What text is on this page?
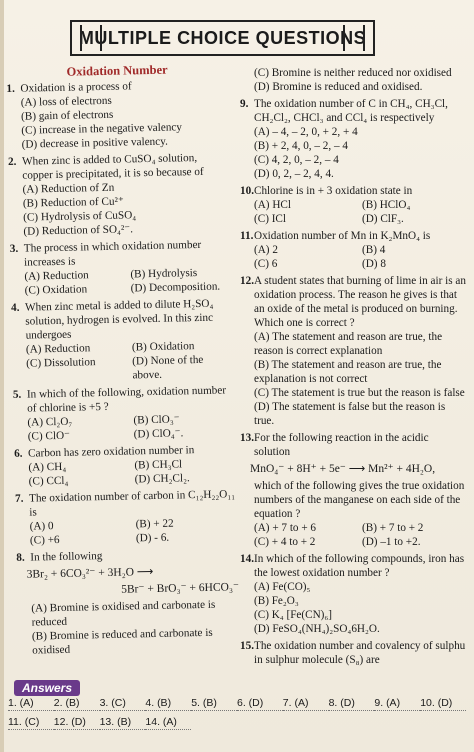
MULTIPLE CHOICE QUESTIONS
Oxidation Number
1. Oxidation is a process of
(A) loss of electrons
(B) gain of electrons
(C) increase in the negative valency
(D) decrease in positive valency.
2. When zinc is added to CuSO₄ solution, copper is precipitated, it is so because of
(A) Reduction of Zn
(B) Reduction of Cu²⁺
(C) Hydrolysis of CuSO₄
(D) Reduction of SO₄²⁻.
3. The process in which oxidation number increases is
(A) Reduction	(B) Hydrolysis
(C) Oxidation	(D) Decomposition.
4. When zinc metal is added to dilute H₂SO₄ solution, hydrogen is evolved. In this zinc undergoes
(A) Reduction	(B) Oxidation
(C) Dissolution	(D) None of the above.
5. In which of the following, oxidation number of chlorine is +5 ?
(A) Cl₂O₇	(B) ClO₃⁻
(C) ClO⁻	(D) ClO₄⁻.
6. Carbon has zero oxidation number in
(A) CH₄	(B) CH₃Cl
(C) CCl₄	(D) CH₂Cl₂.
7. The oxidation number of carbon in C₁₂H₂₂O₁₁ is
(A) 0	(B) + 22
(C) +6	(D) - 6.
8. In the following
3Br₂ + 6CO₃²⁻ + 3H₂O ⟶
5Br⁻ + BrO₃⁻ + 6HCO₃⁻
(A) Bromine is oxidised and carbonate is reduced
(B) Bromine is reduced and carbonate is oxidised
(C) Bromine is neither reduced nor oxidised
(D) Bromine is reduced and oxidised.
9. The oxidation number of C in CH₄, CH₃Cl, CH₂Cl₂, CHCl₃ and CCl₄ is respectively
(A) – 4, – 2, 0, + 2, + 4
(B) + 2, 4, 0, – 2, – 4
(C) 4, 2, 0, – 2, – 4
(D) 0, 2, – 2, 4, 4.
10. Chlorine is in + 3 oxidation state in
(A) HCl	(B) HClO₄
(C) ICl	(D) ClF₃.
11. Oxidation number of Mn in K₂MnO₄ is
(A) 2	(B) 4
(C) 6	(D) 8
12. A student states that burning of lime in air is an oxidation process. The reason he gives is that an oxide of the metal is produced on burning. Which one is correct ?
(A) The statement and reason are true, the reason is correct explanation
(B) The statement and reason are true, the explanation is not correct
(C) The statement is true but the reason is false
(D) The statement is false but the reason is true.
13. For the following reaction in the acidic solution
MnO₄⁻ + 8H⁺ + 5e⁻ ⟶ Mn²⁺ + 4H₂O,
which of the following gives the true oxidation numbers of the manganese on each side of the equation ?
(A) + 7 to + 6	(B) + 7 to + 2
(C) + 4 to + 2	(D) –1 to +2.
14. In which of the following compounds, iron has the lowest oxidation number ?
(A) Fe(CO)₅
(B) Fe₂O₃
(C) K₄ [Fe(CN)₆]
(D) FeSO₄(NH₄)₂SO₄6H₂O.
15. The oxidation number and covalency of sulphu in sulphur molecule (S₈) are
Answers
1. (A)	2. (B)	3. (C)	4. (B)	5. (B)	6. (D)	7. (A)	8. (D)	9. (A)	10. (D)
11. (C)	12. (D)	13. (B)	14. (A)
